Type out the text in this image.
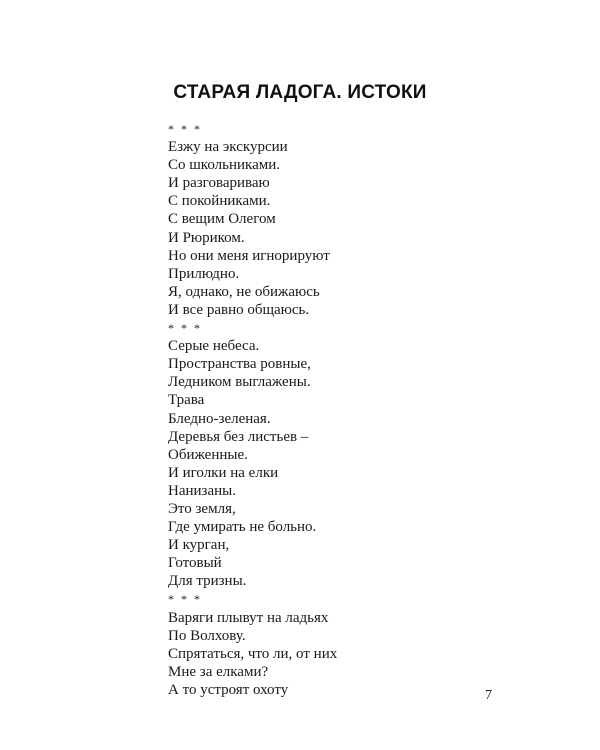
СТАРАЯ ЛАДОГА. ИСТОКИ
* * *
Езжу на экскурсии
Со школьниками.
И разговариваю
С покойниками.
С вещим Олегом
И Рюриком.
Но они меня игнорируют
Прилюдно.
Я, однако, не обижаюсь
И все равно общаюсь.
* * *
Серые небеса.
Пространства ровные,
Ледником выглажены.
Трава
Бледно-зеленая.
Деревья без листьев –
Обиженные.
И иголки на елки
Нанизаны.
Это земля,
Где умирать не больно.
И курган,
Готовый
Для тризны.
* * *
Варяги плывут на ладьях
По Волхову.
Спрятаться, что ли, от них
Мне за елками?
А то устроят охоту	7
